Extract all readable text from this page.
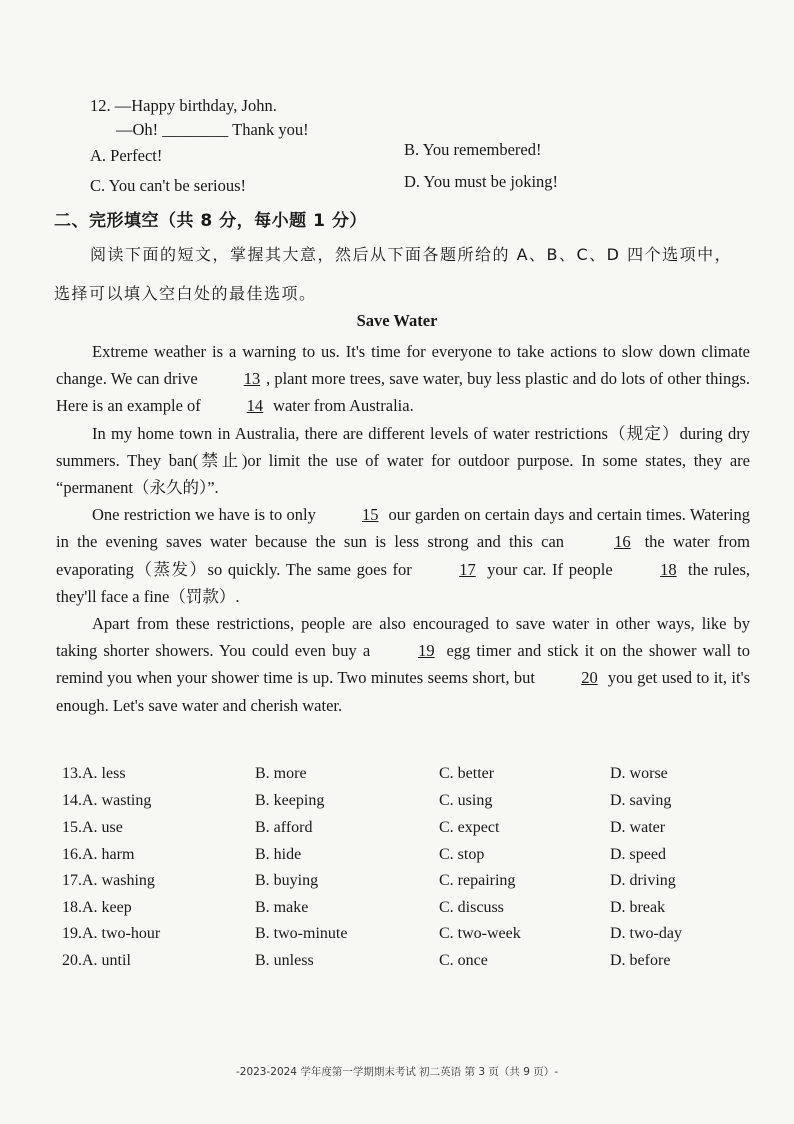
12. —Happy birthday, John.
—Oh! ________ Thank you!
A. Perfect!	B. You remembered!
C. You can't be serious!	D. You must be joking!
二、完形填空（共 8 分，每小题 1 分）
阅读下面的短文，掌握其大意，然后从下面各题所给的 A、B、C、D 四个选项中，
选择可以填入空白处的最佳选项。
Save Water

Extreme weather is a warning to us. It's time for everyone to take actions to slow down climate change. We can drive	13 , plant more trees, save water, buy less plastic and do lots of other things. Here is an example of	14 water from Australia.

In my home town in Australia, there are different levels of water restrictions（规定）during dry summers. They ban(禁止)or limit the use of water for outdoor purpose. In some states, they are “permanent（永久的）”.

One restriction we have is to only	15 our garden on certain days and certain times. Watering in the evening saves water because the sun is less strong and this can	16 the water from evaporating（蒸发）so quickly. The same goes for	17 your car. If people	18 the rules, they'll face a fine（罚款）.

Apart from these restrictions, people are also encouraged to save water in other ways, like by taking shorter showers. You could even buy a	19 egg timer and stick it on the shower wall to remind you when your shower time is up. Two minutes seems short, but	20 you get used to it, it's enough. Let's save water and cherish water.

13.A. less	B. more	C. better	D. worse
14.A. wasting	B. keeping	C. using	D. saving
15.A. use	B. afford	C. expect	D. water
16.A. harm	B. hide	C. stop	D. speed
17.A. washing	B. buying	C. repairing	D. driving
18.A. keep	B. make	C. discuss	D. break
19.A. two-hour	B. two-minute	C. two-week	D. two-day
20.A. until	B. unless	C. once	D. before
-2023-2024 学年度第一学期期末考试 初二英语 第 3 页（共 9 页）-
